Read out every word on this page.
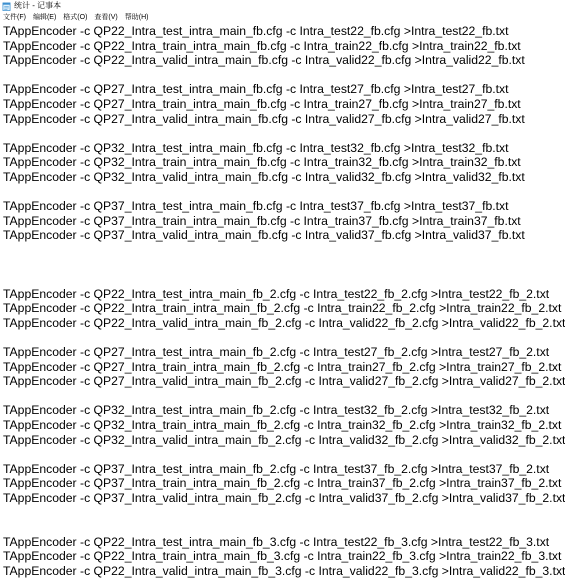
统计 - 记事本
文件(F) 编辑(E) 格式(O) 查看(V) 帮助(H)
TAppEncoder -c QP22_Intra_test_intra_main_fb.cfg -c Intra_test22_fb.cfg >Intra_test22_fb.txt
TAppEncoder -c QP22_Intra_train_intra_main_fb.cfg -c Intra_train22_fb.cfg >Intra_train22_fb.txt
TAppEncoder -c QP22_Intra_valid_intra_main_fb.cfg -c Intra_valid22_fb.cfg >Intra_valid22_fb.txt
TAppEncoder -c QP27_Intra_test_intra_main_fb.cfg -c Intra_test27_fb.cfg >Intra_test27_fb.txt
TAppEncoder -c QP27_Intra_train_intra_main_fb.cfg -c Intra_train27_fb.cfg >Intra_train27_fb.txt
TAppEncoder -c QP27_Intra_valid_intra_main_fb.cfg -c Intra_valid27_fb.cfg >Intra_valid27_fb.txt
TAppEncoder -c QP32_Intra_test_intra_main_fb.cfg -c Intra_test32_fb.cfg >Intra_test32_fb.txt
TAppEncoder -c QP32_Intra_train_intra_main_fb.cfg -c Intra_train32_fb.cfg >Intra_train32_fb.txt
TAppEncoder -c QP32_Intra_valid_intra_main_fb.cfg -c Intra_valid32_fb.cfg >Intra_valid32_fb.txt
TAppEncoder -c QP37_Intra_test_intra_main_fb.cfg -c Intra_test37_fb.cfg >Intra_test37_fb.txt
TAppEncoder -c QP37_Intra_train_intra_main_fb.cfg -c Intra_train37_fb.cfg >Intra_train37_fb.txt
TAppEncoder -c QP37_Intra_valid_intra_main_fb.cfg -c Intra_valid37_fb.cfg >Intra_valid37_fb.txt
TAppEncoder -c QP22_Intra_test_intra_main_fb_2.cfg -c Intra_test22_fb_2.cfg >Intra_test22_fb_2.txt
TAppEncoder -c QP22_Intra_train_intra_main_fb_2.cfg -c Intra_train22_fb_2.cfg >Intra_train22_fb_2.txt
TAppEncoder -c QP22_Intra_valid_intra_main_fb_2.cfg -c Intra_valid22_fb_2.cfg >Intra_valid22_fb_2.txt
TAppEncoder -c QP27_Intra_test_intra_main_fb_2.cfg -c Intra_test27_fb_2.cfg >Intra_test27_fb_2.txt
TAppEncoder -c QP27_Intra_train_intra_main_fb_2.cfg -c Intra_train27_fb_2.cfg >Intra_train27_fb_2.txt
TAppEncoder -c QP27_Intra_valid_intra_main_fb_2.cfg -c Intra_valid27_fb_2.cfg >Intra_valid27_fb_2.txt
TAppEncoder -c QP32_Intra_test_intra_main_fb_2.cfg -c Intra_test32_fb_2.cfg >Intra_test32_fb_2.txt
TAppEncoder -c QP32_Intra_train_intra_main_fb_2.cfg -c Intra_train32_fb_2.cfg >Intra_train32_fb_2.txt
TAppEncoder -c QP32_Intra_valid_intra_main_fb_2.cfg -c Intra_valid32_fb_2.cfg >Intra_valid32_fb_2.txt
TAppEncoder -c QP37_Intra_test_intra_main_fb_2.cfg -c Intra_test37_fb_2.cfg >Intra_test37_fb_2.txt
TAppEncoder -c QP37_Intra_train_intra_main_fb_2.cfg -c Intra_train37_fb_2.cfg >Intra_train37_fb_2.txt
TAppEncoder -c QP37_Intra_valid_intra_main_fb_2.cfg -c Intra_valid37_fb_2.cfg >Intra_valid37_fb_2.txt
TAppEncoder -c QP22_Intra_test_intra_main_fb_3.cfg -c Intra_test22_fb_3.cfg >Intra_test22_fb_3.txt
TAppEncoder -c QP22_Intra_train_intra_main_fb_3.cfg -c Intra_train22_fb_3.cfg >Intra_train22_fb_3.txt
TAppEncoder -c QP22_Intra_valid_intra_main_fb_3.cfg -c Intra_valid22_fb_3.cfg >Intra_valid22_fb_3.txt
